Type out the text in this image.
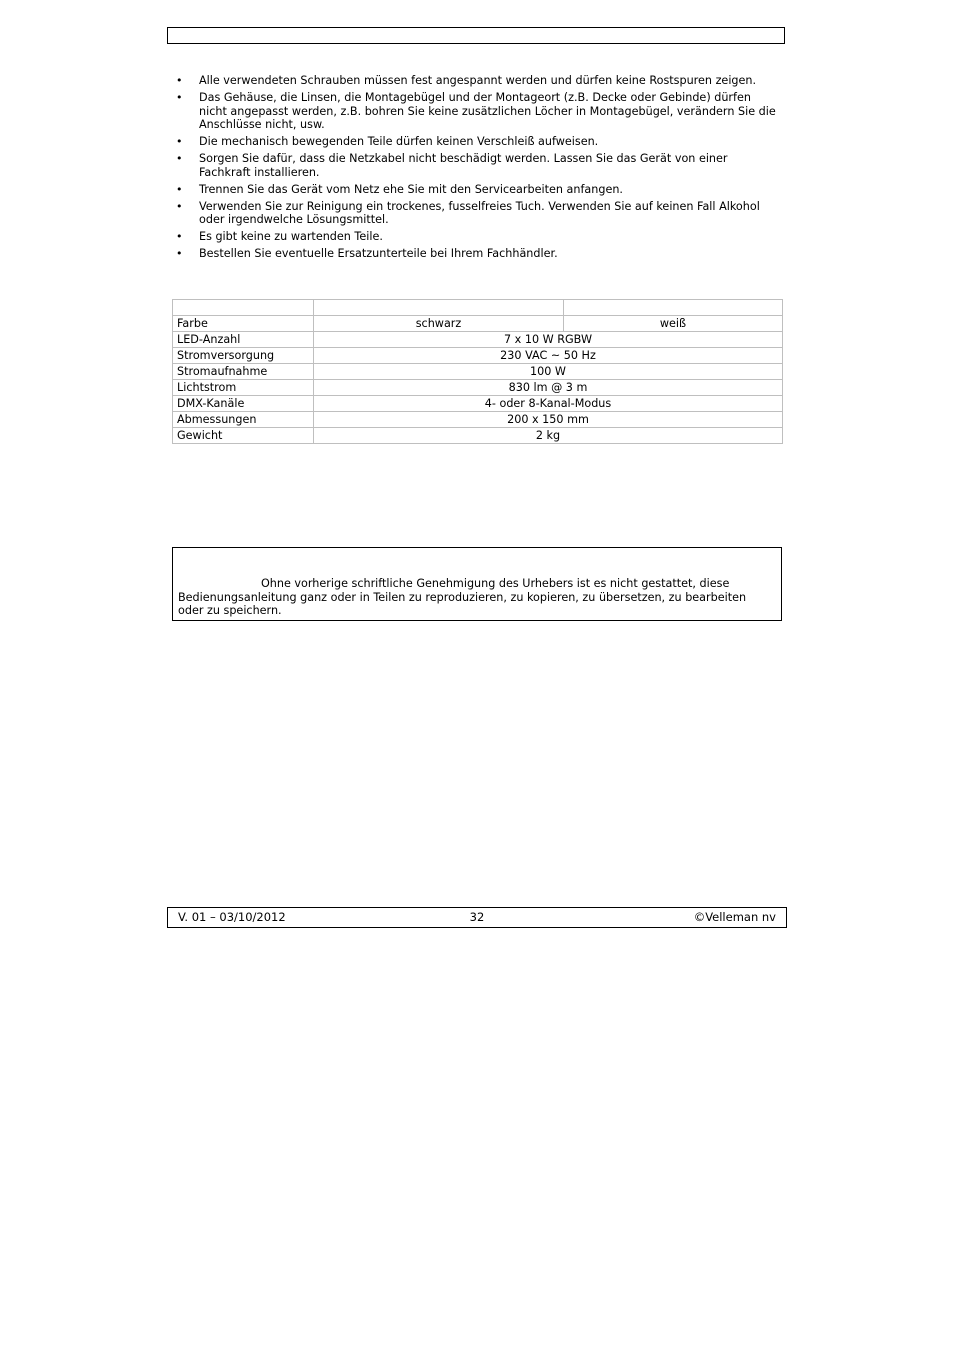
• Alle verwendeten Schrauben müssen fest angespannt werden und dürfen keine Rostspuren zeigen.
• Das Gehäuse, die Linsen, die Montagebügel und der Montageort (z.B. Decke oder Gebinde) dürfen nicht angepasst werden, z.B. bohren Sie keine zusätzlichen Löcher in Montagebügel, verändern Sie die Anschlüsse nicht, usw.
• Die mechanisch bewegenden Teile dürfen keinen Verschleiß aufweisen.
• Sorgen Sie dafür, dass die Netzkabel nicht beschädigt werden. Lassen Sie das Gerät von einer Fachkraft installieren.
• Trennen Sie das Gerät vom Netz ehe Sie mit den Servicearbeiten anfangen.
• Verwenden Sie zur Reinigung ein trockenes, fusselfreies Tuch. Verwenden Sie auf keinen Fall Alkohol oder irgendwelche Lösungsmittel.
• Es gibt keine zu wartenden Teile.
• Bestellen Sie eventuelle Ersatzunterteile bei Ihrem Fachhändler.

Farbe	schwarz	weiß
LED-Anzahl	7 x 10 W RGBW	
Stromversorgung	230 VAC ~ 50 Hz	
Stromaufnahme	100 W	
Lichtstrom	830 lm @ 3 m	
DMX-Kanäle	4- oder 8-Kanal-Modus	
Abmessungen	200 x 150 mm	
Gewicht	2 kg	
Ohne vorherige schriftliche Genehmigung des Urhebers ist es nicht gestattet, diese Bedienungsanleitung ganz oder in Teilen zu reproduzieren, zu kopieren, zu übersetzen, zu bearbeiten oder zu speichern.
V. 01 – 03/10/2012	32	©Velleman nv
